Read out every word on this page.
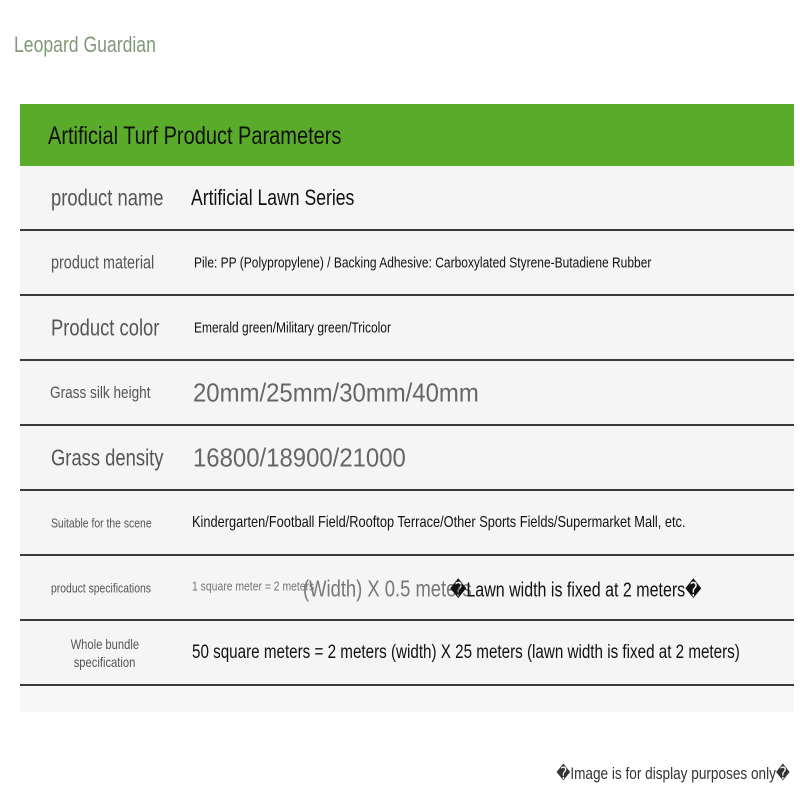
Leopard Guardian
Artificial Turf Product Parameters
product name	Artificial Lawn Series
product material	Pile: PP (Polypropylene) / Backing Adhesive: Carboxylated Styrene-Butadiene Rubber
Product color	Emerald green/Military green/Tricolor
Grass silk height	20mm/25mm/30mm/40mm
Grass density	16800/18900/21000
Suitable for the scene	Kindergarten/Football Field/Rooftop Terrace/Other Sports Fields/Supermarket Mall, etc.
product specifications	1 square meter = 2 meters
(Width) X 0.5 meters
�Lawn width is fixed at 2 meters�
Whole bundle
specification	50 square meters = 2 meters (width) X 25 meters (lawn width is fixed at 2 meters)
�Image is for display purposes only�
